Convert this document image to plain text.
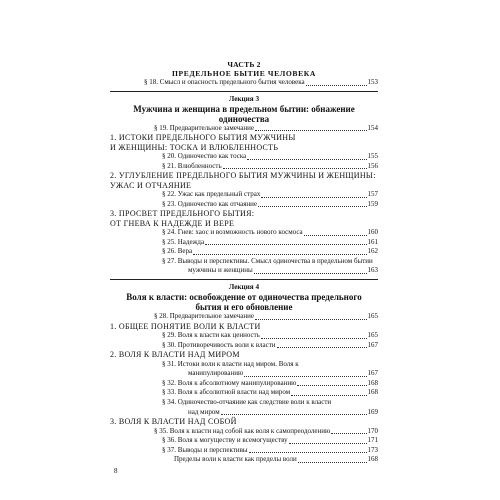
ЧАСТЬ 2
ПРЕДЕЛЬНОЕ БЫТИЕ ЧЕЛОВЕКА
§ 18. Смысл и опасность предельного бытия человека	153
Лекция 3
Мужчина и женщина в предельном бытии: обнажение
одиночества
§ 19. Предварительное замечание	154
1. ИСТОКИ ПРЕДЕЛЬНОГО БЫТИЯ МУЖЧИНЫ
И ЖЕНЩИНЫ: ТОСКА И ВЛЮБЛЕННОСТЬ
§ 20. Одиночество как тоска	155
§ 21. Влюбленность	156
2. УГЛУБЛЕНИЕ ПРЕДЕЛЬНОГО БЫТИЯ МУЖЧИНЫ И ЖЕНЩИНЫ:
УЖАС И ОТЧАЯНИЕ
§ 22. Ужас как предельный страх	157
§ 23. Одиночество как отчаяние	159
3. ПРОСВЕТ ПРЕДЕЛЬНОГО БЫТИЯ:
ОТ ГНЕВА К НАДЕЖДЕ И ВЕРЕ
§ 24. Гнев: хаос и возможность нового космоса	160
§ 25. Надежда	161
§ 26. Вера	162
§ 27. Выводы и перспективы. Смысл одиночества в предельном бытии
мужчины и женщины	163
Лекция 4
Воля к власти: освобождение от одиночества предельного
бытия и его обновление
§ 28. Предварительное замечание	165
1. ОБЩЕЕ ПОНЯТИЕ ВОЛИ К ВЛАСТИ
§ 29. Воля к власти как ценность	165
§ 30. Противоречивость воли к власти	167
2. ВОЛЯ К ВЛАСТИ НАД МИРОМ
§ 31. Истоки воли к власти над миром. Воля к
манипулированию	167
§ 32. Воля к абсолютному манипулированию	168
§ 33. Воля к абсолютной власти над миром	168
§ 34. Одиночество-отчаяние как следствие воли к власти
над миром	169
3. ВОЛЯ К ВЛАСТИ НАД СОБОЙ
§ 35. Воля к власти над собой как воля к самопреодолению	170
§ 36. Воля к могуществу и всемогуществу	171
§ 37. Выводы и перспективы	173
Пределы воли к власти как пределы воли	168
8
